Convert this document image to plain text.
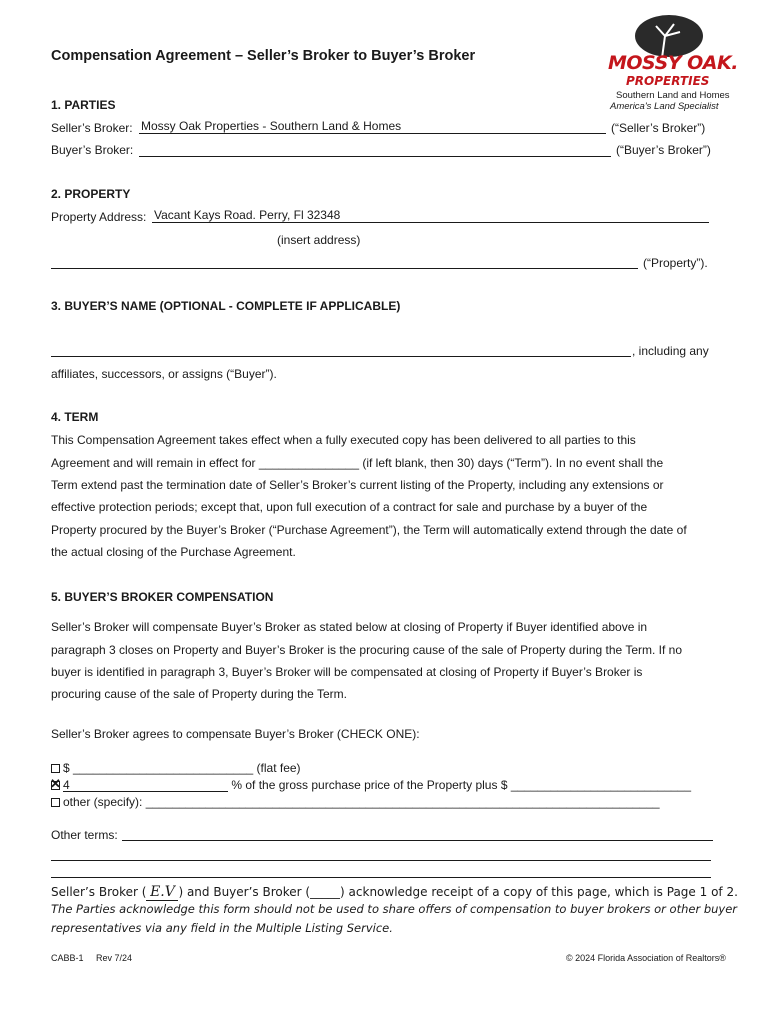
Compensation Agreement – Seller’s Broker to Buyer’s Broker	MOSSY OAK.
PROPERTIES
Southern Land and Homes
America's Land Specialist
1. PARTIES
Seller’s Broker: Mossy Oak Properties - Southern Land & Homes	(“Seller’s Broker”)
Buyer’s Broker:	(“Buyer’s Broker”)
2. PROPERTY
Property Address: Vacant Kays Road. Perry, Fl 32348
(insert address)
(“Property”).
3. BUYER’S NAME (OPTIONAL - COMPLETE IF APPLICABLE)
, including any
affiliates, successors, or assigns (“Buyer”).
4. TERM
This Compensation Agreement takes effect when a fully executed copy has been delivered to all parties to this
Agreement and will remain in effect for _______________ (if left blank, then 30) days (“Term”). In no event shall the
Term extend past the termination date of Seller’s Broker’s current listing of the Property, including any extensions or
effective protection periods; except that, upon full execution of a contract for sale and purchase by a buyer of the
Property procured by the Buyer’s Broker (“Purchase Agreement”), the Term will automatically extend through the date of
the actual closing of the Purchase Agreement.
5. BUYER’S BROKER COMPENSATION
Seller’s Broker will compensate Buyer’s Broker as stated below at closing of Property if Buyer identified above in
paragraph 3 closes on Property and Buyer’s Broker is the procuring cause of the sale of Property during the Term. If no
buyer is identified in paragraph 3, Buyer’s Broker will be compensated at closing of Property if Buyer’s Broker is
procuring cause of the sale of Property during the Term.
Seller’s Broker agrees to compensate Buyer’s Broker (CHECK ONE):
$ ___________________________ (flat fee)
✕4	% of the gross purchase price of the Property plus $ ___________________________
other (specify): _____________________________________________________________________________
Other terms:
Seller’s Broker ( E.V ) and Buyer’s Broker (_____) acknowledge receipt of a copy of this page, which is Page 1 of 2.
The Parties acknowledge this form should not be used to share offers of compensation to buyer brokers or other buyer
representatives via any field in the Multiple Listing Service.
CABB-1 Rev 7/24	© 2024 Florida Association of Realtors®
